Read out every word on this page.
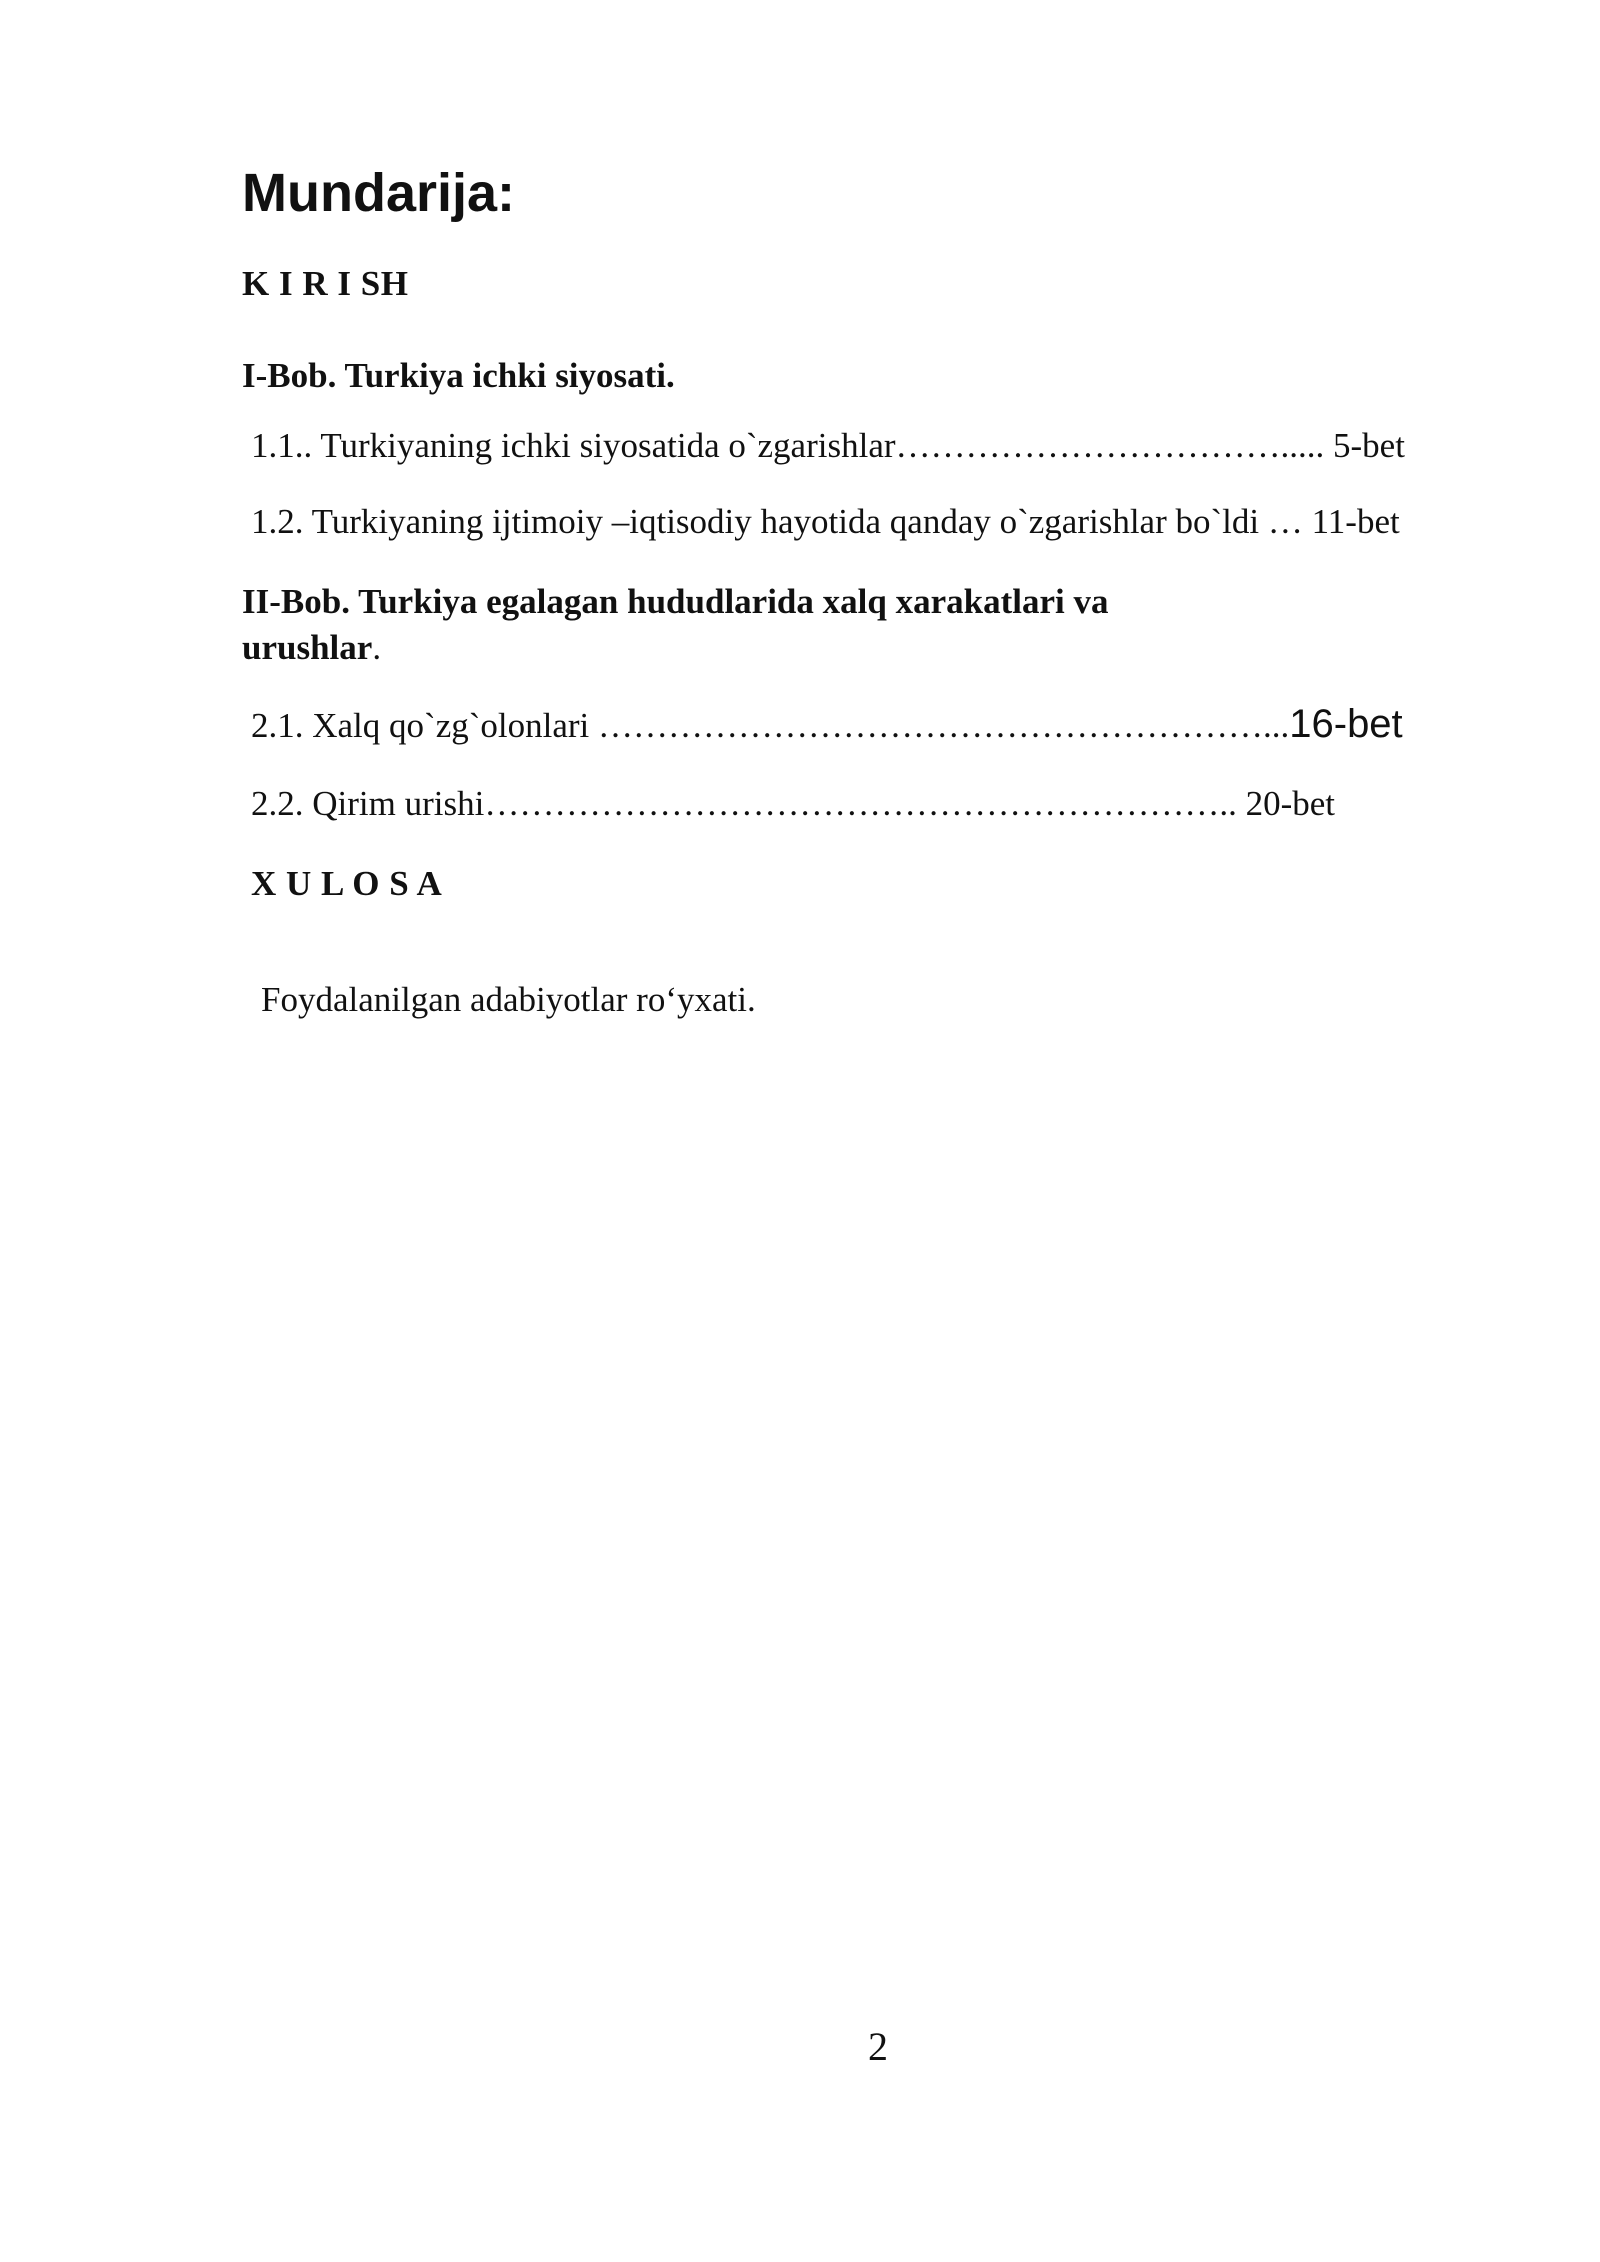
Mundarija:
K I R I SH
I-Bob. Turkiya ichki siyosati.
1.1.. Turkiyaning ichki siyosatida o`zgarishlar……………………………..... 5-bet
1.2. Turkiyaning ijtimoiy –iqtisodiy hayotida qanday o`zgarishlar bo`ldi … 11-bet
II-Bob. Turkiya egalagan hududlarida xalq xarakatlari va
urushlar.
2.1. Xalq qo`zg`olonlari …………………………………………………...16-bet
2.2. Qirim urishi……………………………………………………….. 20-bet
X U L O S A
Foydalanilgan adabiyotlar ro‘yxati.
2
